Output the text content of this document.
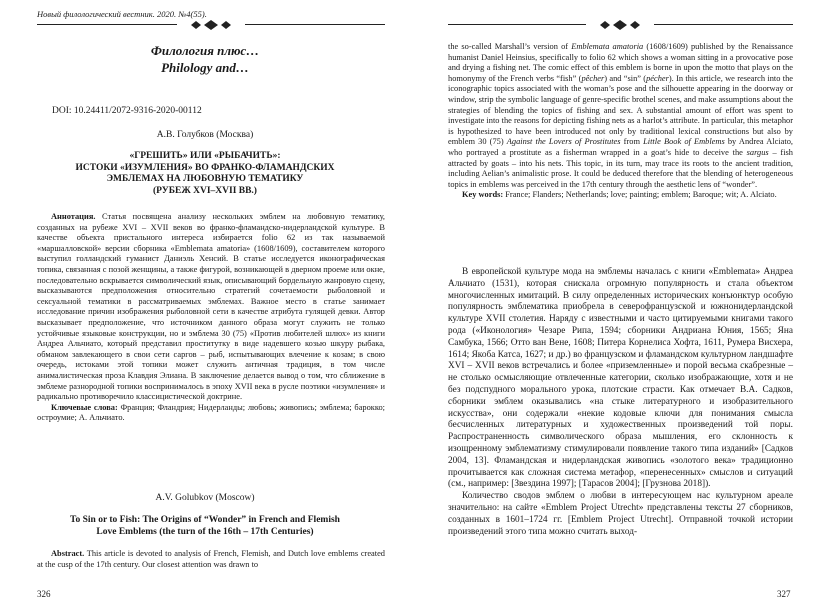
Новый филологический вестник. 2020. №4(55).
Филология плюс…
Philology and…
DOI: 10.24411/2072-9316-2020-00112
А.В. Голубков (Москва)
«ГРЕШИТЬ» ИЛИ «РЫБАЧИТЬ»:
ИСТОКИ «ИЗУМЛЕНИЯ» ВО ФРАНКО-ФЛАМАНДСКИХ
ЭМБЛЕМАХ НА ЛЮБОВНУЮ ТЕМАТИКУ
(РУБЕЖ XVI–XVII ВВ.)

Аннотация. Статья посвящена анализу нескольких эмблем на любовную тематику, созданных на рубеже XVI – XVII веков во франко-фламандско-нидерландской культуре. В качестве объекта пристального интереса избирается folio 62 из так называемой «маршалловской» версии сборника «Emblemata amatoria» (1608/1609), составителем которого выступил голландский гуманист Даниэль Хенсий. В статье исследуется иконографическая топика, связанная с позой женщины, а также фигурой, возникающей в дверном проеме или окне, последовательно вскрывается символический язык, описывающий бордельную жанровую сцену, высказываются предположения относительно стратегий сочетаемости рыболовной и сексуальной тематики в рассматриваемых эмблемах. Важное место в статье занимает исследование причин изображения рыболовной сети в качестве атрибута гулящей девки. Автор высказывает предположение, что источником данного образа могут служить не только устойчивые языковые конструкции, но и эмблема 30 (75) «Против любителей шлюх» из книги Андреа Альчиато, который представил проститутку в виде надевшего козью шкуру рыбака, обманом завлекающего в свои сети саргов – рыб, испытывающих влечение к козам; в свою очередь, истоками этой топики может служить античная традиция, в том числе анималистическая проза Клавдия Элиана. В заключение делается вывод о том, что сближение в эмблеме разнородной топики воспринималось в эпоху XVII века в русле поэтики «изумления» и радикально противоречило классицистической доктрине.

Ключевые слова: Франция; Фландрия; Нидерланды; любовь; живопись; эмблема; барокко; остроумие; А. Альчиато.

A.V. Golubkov (Moscow)
To Sin or to Fish: The Origins of “Wonder” in French and Flemish
Love Emblems (the turn of the 16th – 17th Centuries)

Abstract. This article is devoted to analysis of French, Flemish, and Dutch love emblems created at the cusp of the 17th century. Our closest attention was drawn to

326

the so-called Marshall’s version of Emblemata amatoria (1608/1609) published by the Renaissance humanist Daniel Heinsius, specifically to folio 62 which shows a woman sitting in a provocative pose and drying a fishing net. The comic effect of this emblem is borne in upon the motto that plays on the homonymy of the French verbs “fish” (pêcher) and “sin” (pécher). In this article, we research into the iconographic topics associated with the woman’s pose and the silhouette appearing in the doorway or window, strip the symbolic language of genre-specific brothel scenes, and make assumptions about the strategies of blending the topics of fishing and sex. A substantial amount of effort was spent to investigate into the reasons for depicting fishing nets as a harlot’s attribute. In particular, this metaphor is hypothesized to have been introduced not only by traditional lexical constructions but also by emblem 30 (75) Against the Lovers of Prostitutes from Little Book of Emblems by Andrea Alciato, who portrayed a prostitute as a fisherman wrapped in a goat’s hide to deceive the sargus – fish attracted by goats – into his nets. This topic, in its turn, may trace its roots to the ancient tradition, including Aelian’s animalistic prose. It could be deduced therefore that the blending of heterogeneous topics in emblems was perceived in the 17th century through the aesthetic lens of “wonder”.

Key words: France; Flanders; Netherlands; love; painting; emblem; Baroque; wit; A. Alciato.

В европейской культуре мода на эмблемы началась с книги «Emblemata» Андреа Альчиато (1531), которая снискала огромную популярность и стала объектом многочисленных имитаций. В силу определенных исторических конъюнктур особую популярность эмблематика приобрела в северофранцузской и южнонидерландской культуре XVII столетия. Наряду с известными и часто цитируемыми книгами такого рода («Иконология» Чезаре Рипа, 1594; сборники Андриана Юния, 1565; Яна Самбука, 1566; Отто ван Вене, 1608; Питера Корнелиса Хофта, 1611, Румера Висхера, 1614; Якоба Катса, 1627; и др.) во французском и фламандском культурном ландшафте XVI – XVII веков встречались и более «приземленные» и порой весьма скабрезные – не столько осмысляющие отвлеченные категории, сколько изображающие, хотя и не без подспудного морального урока, плотские страсти. Как отмечает В.А. Садков, сборники эмблем оказывались «на стыке литературного и изобразительного искусства», они содержали «некие кодовые ключи для понимания смысла бесчисленных литературных и художественных произведений той поры. Распространенность символического образа мышления, его склонность к изощренному эмблематизму стимулировали появление такого типа изданий» [Садков 2004, 13]. Фламандская и нидерландская живопись «золотого века» традиционно прочитывается как сложная система метафор, «перенесенных» смыслов и ситуаций (см., например: [Звездина 1997]; [Тарасов 2004]; [Грузнова 2018]).

Количество сводов эмблем о любви в интересующем нас культурном ареале значительно: на сайте «Emblem Project Utrecht» представлены тексты 27 сборников, созданных в 1601–1724 гг. [Emblem Project Utrecht]. Отправной точкой истории произведений этого типа можно считать выход-

327
